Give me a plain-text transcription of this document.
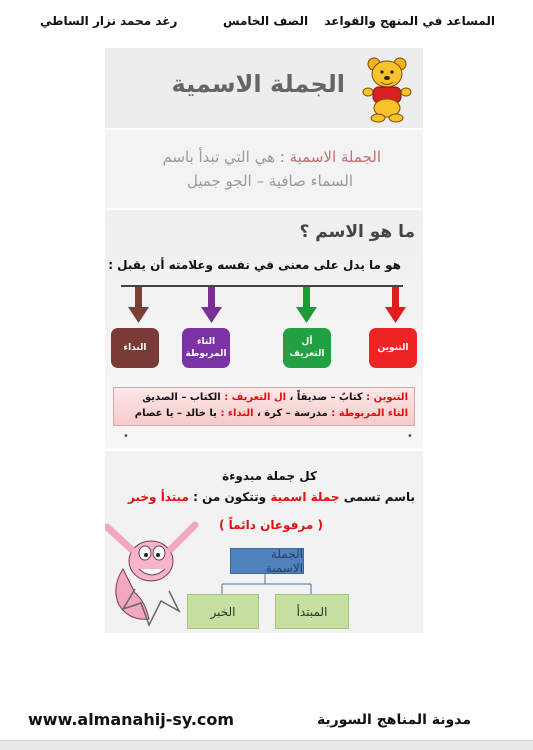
المساعد في المنهج والقواعد
الصف الخامس
رغد محمد نزار الساطي
الجملة الاسمية
الجملة الاسمية : هي التي تبدأ باسم
السماء صافية – الجو جميل
ما هو الاسم ؟
هو ما يدل على معنى في نفسه وعلامته أن يقبل :
النداء
التاء المربوطة
أل التعريف
التنوين
التنوين : كتابٌ – صديقاً ، ال التعريف : الكتاب – الصديق
التاء المربوطة : مدرسة – كرة ، النداء : يا خالد – يا عصام
•	•
كل جملة مبدوءة
باسم تسمى جملة اسمية وتتكون من : مبتدأ وخبر
( مرفوعان دائماً )
الجملة الاسمية
الخبر	المبتدأ
www.almanahij-sy.com	مدونة المناهج السورية
